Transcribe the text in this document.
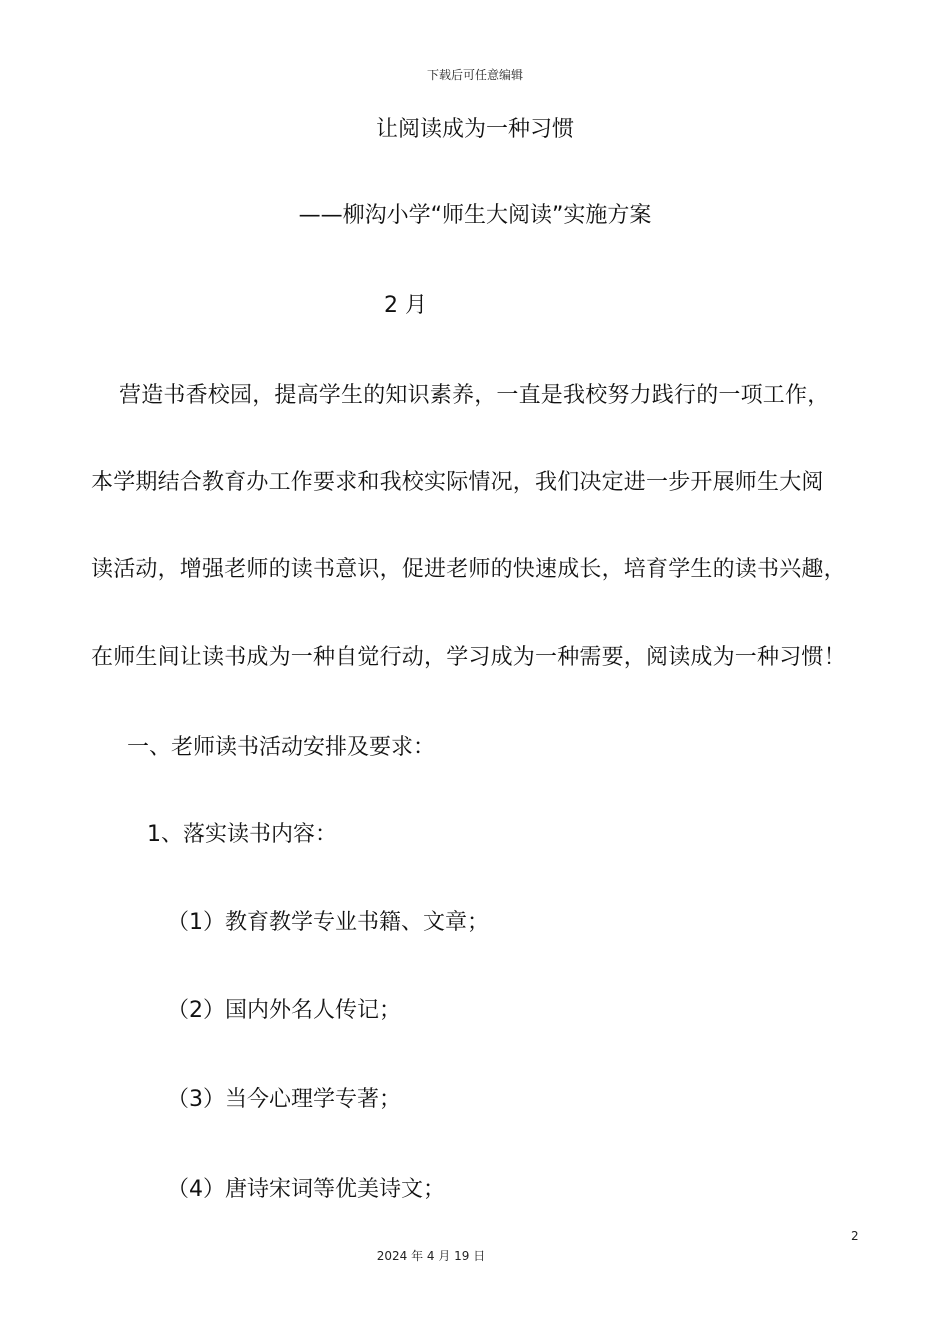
下载后可任意编辑
让阅读成为一种习惯
——柳沟小学“师生大阅读”实施方案
2 月
营造书香校园，提高学生的知识素养，一直是我校努力践行的一项工作，
本学期结合教育办工作要求和我校实际情况，我们决定进一步开展师生大阅
读活动，增强老师的读书意识，促进老师的快速成长，培育学生的读书兴趣，
在师生间让读书成为一种自觉行动，学习成为一种需要，阅读成为一种习惯！
一、老师读书活动安排及要求：
1、落实读书内容：
（1）教育教学专业书籍、文章；
（2）国内外名人传记；
（3）当今心理学专著；
（4）唐诗宋词等优美诗文；
2
2024 年 4 月 19 日
